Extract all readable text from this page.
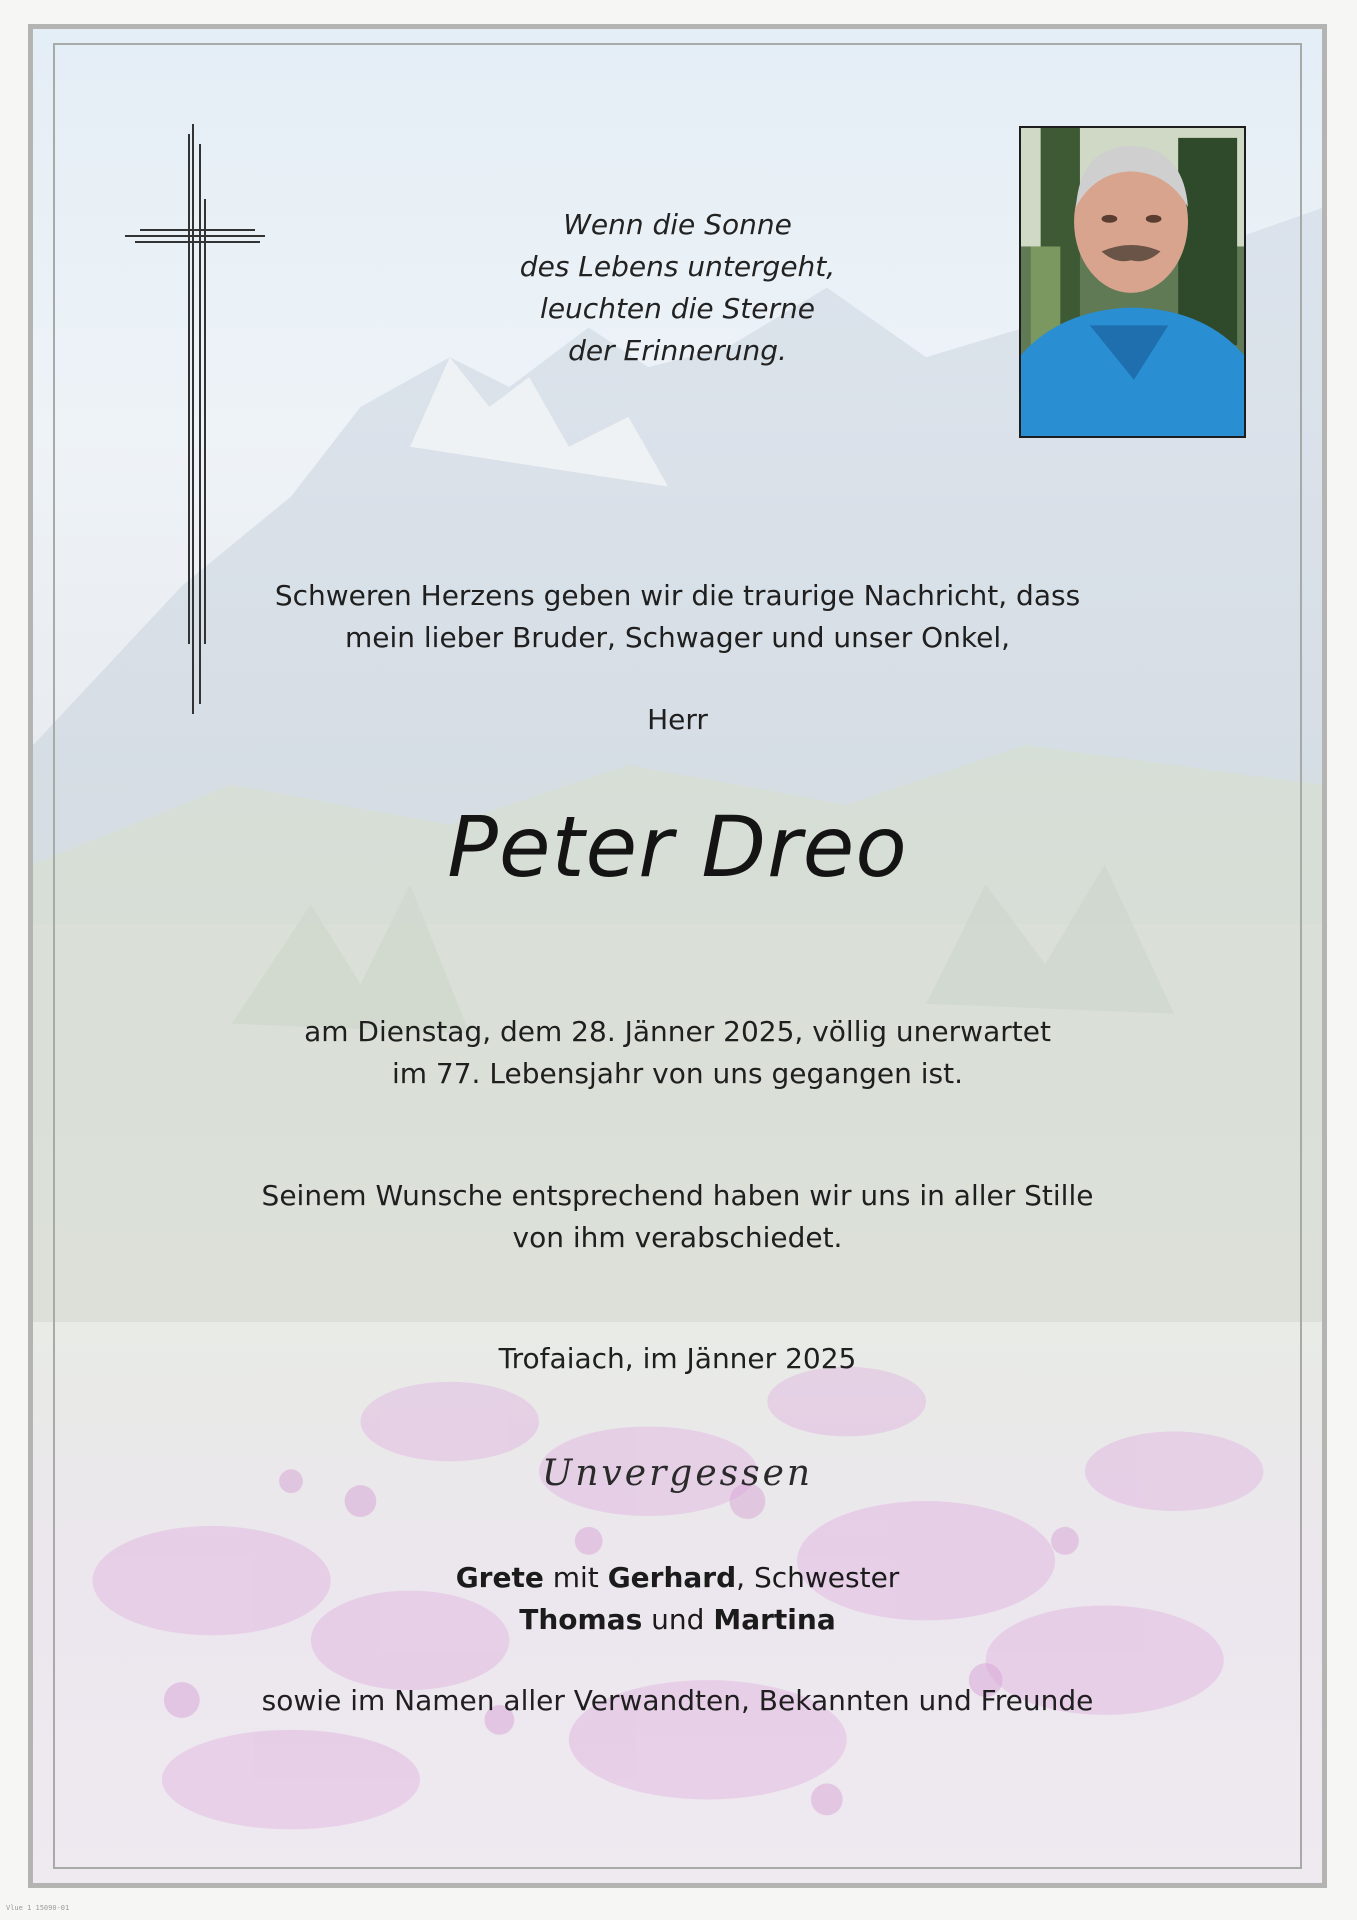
Wenn die Sonne
des Lebens untergeht,
leuchten die Sterne
der Erinnerung.
Schweren Herzens geben wir die traurige Nachricht, dass
mein lieber Bruder, Schwager und unser Onkel,
Herr
Peter Dreo
am Dienstag, dem 28. Jänner 2025, völlig unerwartet
im 77. Lebensjahr von uns gegangen ist.
Seinem Wunsche entsprechend haben wir uns in aller Stille
von ihm verabschiedet.
Trofaiach, im Jänner 2025
Unvergessen
Grete mit Gerhard, Schwester
Thomas und Martina
sowie im Namen aller Verwandten, Bekannten und Freunde
Vlue 1 15090-01
